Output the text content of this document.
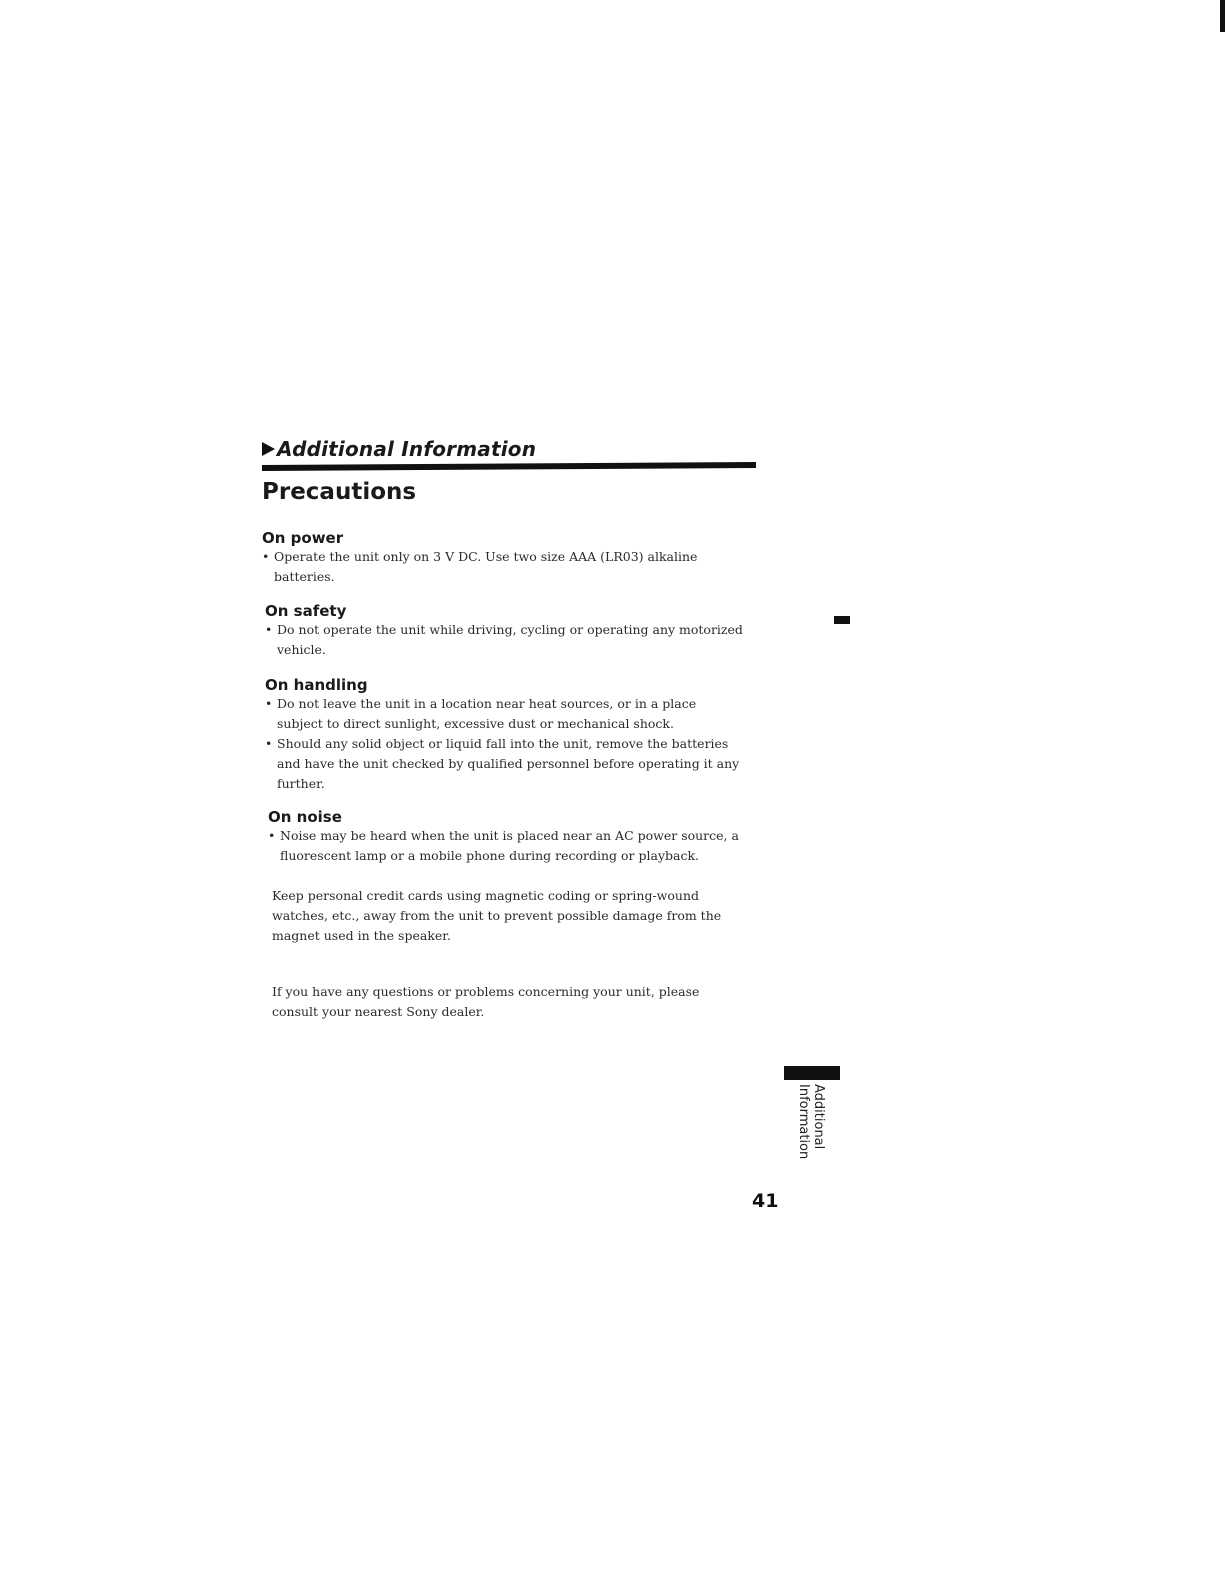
Additional Information
Precautions
On power

• Operate the unit only on 3 V DC. Use two size AAA (LR03) alkaline batteries.

On safety

• Do not operate the unit while driving, cycling or operating any motorized vehicle.

On handling

• Do not leave the unit in a location near heat sources, or in a place subject to direct sunlight, excessive dust or mechanical shock.

• Should any solid object or liquid fall into the unit, remove the batteries and have the unit checked by qualified personnel before operating it any further.

On noise

• Noise may be heard when the unit is placed near an AC power source, a fluorescent lamp or a mobile phone during recording or playback.

Keep personal credit cards using magnetic coding or spring-wound watches, etc., away from the unit to prevent possible damage from the magnet used in the speaker.

If you have any questions or problems concerning your unit, please consult your nearest Sony dealer.

Additional Information
41
